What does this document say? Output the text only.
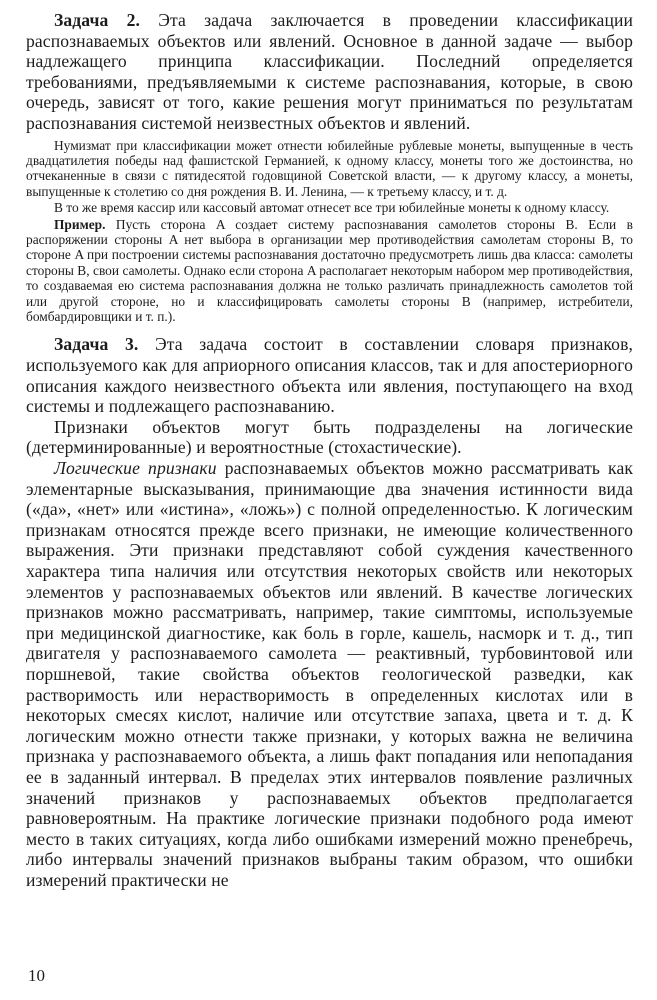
Задача 2. Эта задача заключается в проведении классификации распознаваемых объектов или явлений. Основное в данной задаче — выбор надлежащего принципа классификации. Последний определяется требованиями, предъявляемыми к системе распознавания, которые, в свою очередь, зависят от того, какие решения могут приниматься по результатам распознавания системой неизвестных объектов и явлений.

Нумизмат при классификации может отнести юбилейные рублевые монеты, выпущенные в честь двадцатилетия победы над фашистской Германией, к одному классу, монеты того же достоинства, но отчеканенные в связи с пятидесятой годовщиной Советской власти, — к другому классу, а монеты, выпущенные к столетию со дня рождения В. И. Ленина, — к третьему классу, и т. д.

В то же время кассир или кассовый автомат отнесет все три юбилейные монеты к одному классу.

Пример. Пусть сторона A создает систему распознавания самолетов стороны B. Если в распоряжении стороны A нет выбора в организации мер противодействия самолетам стороны B, то стороне A при построении системы распознавания достаточно предусмотреть лишь два класса: самолеты стороны B, свои самолеты. Однако если сторона A располагает некоторым набором мер противодействия, то создаваемая ею система распознавания должна не только различать принадлежность самолетов той или другой стороне, но и классифицировать самолеты стороны B (например, истребители, бомбардировщики и т. п.).

Задача 3. Эта задача состоит в составлении словаря признаков, используемого как для априорного описания классов, так и для апостериорного описания каждого неизвестного объекта или явления, поступающего на вход системы и подлежащего распознаванию.

Признаки объектов могут быть подразделены на логические (детерминированные) и вероятностные (стохастические).

Логические признаки распознаваемых объектов можно рассматривать как элементарные высказывания, принимающие два значения истинности вида («да», «нет» или «истина», «ложь») с полной определенностью. К логическим признакам относятся прежде всего признаки, не имеющие количественного выражения. Эти признаки представляют собой суждения качественного характера типа наличия или отсутствия некоторых свойств или некоторых элементов у распознаваемых объектов или явлений. В качестве логических признаков можно рассматривать, например, такие симптомы, используемые при медицинской диагностике, как боль в горле, кашель, насморк и т. д., тип двигателя у распознаваемого самолета — реактивный, турбовинтовой или поршневой, такие свойства объектов геологической разведки, как растворимость или нерастворимость в определенных кислотах или в некоторых смесях кислот, наличие или отсутствие запаха, цвета и т. д. К логическим можно отнести также признаки, у которых важна не величина признака у распознаваемого объекта, а лишь факт попадания или непопадания ее в заданный интервал. В пределах этих интервалов появление различных значений признаков у распознаваемых объектов предполагается равновероятным. На практике логические признаки подобного рода имеют место в таких ситуациях, когда либо ошибками измерений можно пренебречь, либо интервалы значений признаков выбраны таким образом, что ошибки измерений практически не

10
